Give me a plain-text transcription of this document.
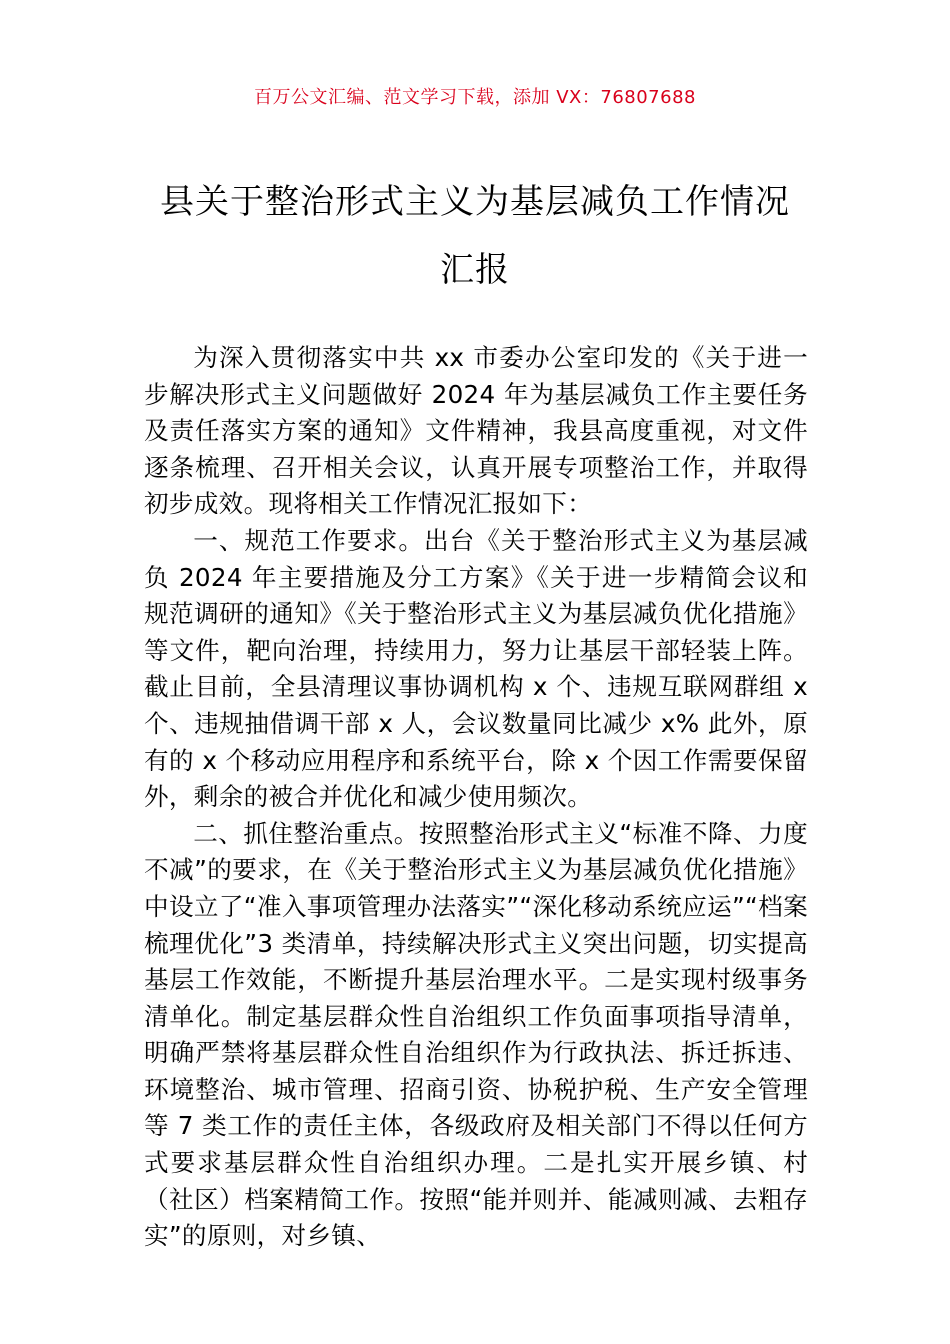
百万公文汇编、范文学习下载，添加 VX：76807688
县关于整治形式主义为基层减负工作情况
汇报

为深入贯彻落实中共 xx 市委办公室印发的《关于进一步解决形式主义问题做好 2024 年为基层减负工作主要任务及责任落实方案的通知》文件精神，我县高度重视，对文件逐条梳理、召开相关会议，认真开展专项整治工作，并取得初步成效。现将相关工作情况汇报如下：

一、规范工作要求。出台《关于整治形式主义为基层减负 2024 年主要措施及分工方案》《关于进一步精简会议和规范调研的通知》《关于整治形式主义为基层减负优化措施》等文件，靶向治理，持续用力，努力让基层干部轻装上阵。截止目前，全县清理议事协调机构 x 个、违规互联网群组 x 个、违规抽借调干部 x 人，会议数量同比减少 x% 此外，原有的 x 个移动应用程序和系统平台，除 x 个因工作需要保留外，剩余的被合并优化和减少使用频次。

二、抓住整治重点。按照整治形式主义“标准不降、力度不减”的要求，在《关于整治形式主义为基层减负优化措施》中设立了“准入事项管理办法落实”“深化移动系统应运”“档案梳理优化”3 类清单，持续解决形式主义突出问题，切实提高基层工作效能，不断提升基层治理水平。二是实现村级事务清单化。制定基层群众性自治组织工作负面事项指导清单，明确严禁将基层群众性自治组织作为行政执法、拆迁拆违、环境整治、城市管理、招商引资、协税护税、生产安全管理等 7 类工作的责任主体，各级政府及相关部门不得以任何方式要求基层群众性自治组织办理。二是扎实开展乡镇、村（社区）档案精简工作。按照“能并则并、能减则减、去粗存实”的原则，对乡镇、
